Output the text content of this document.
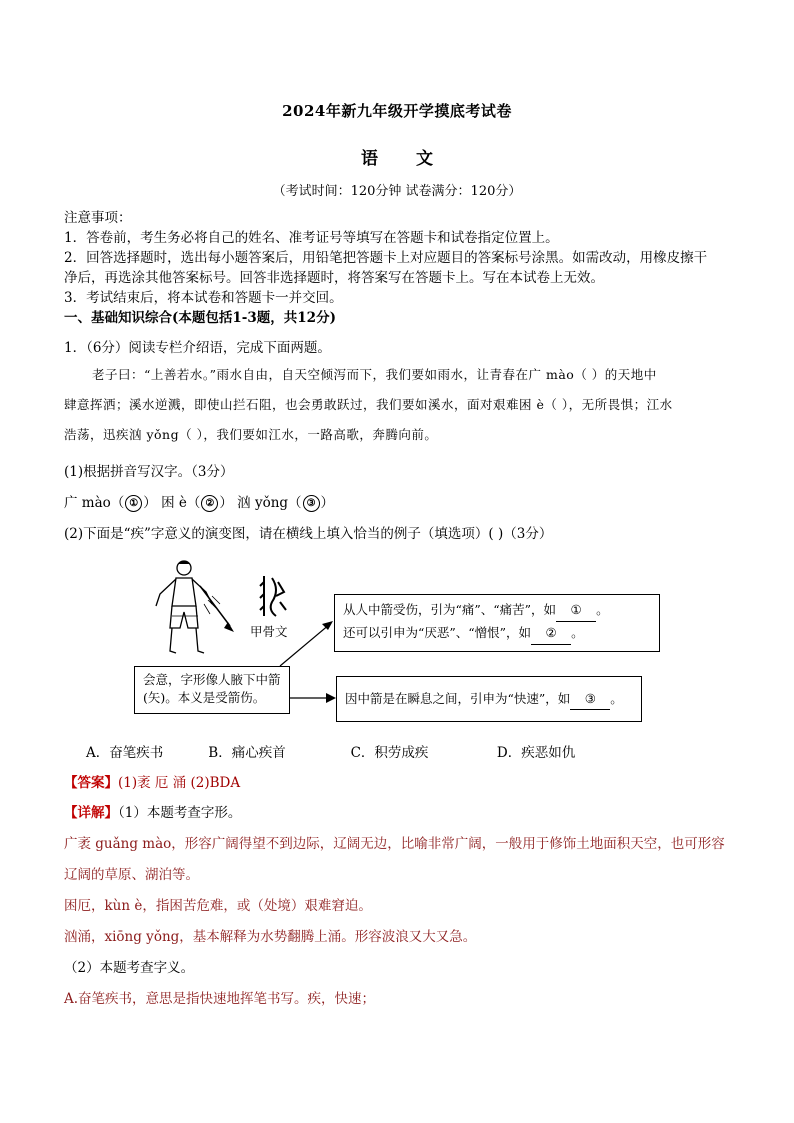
2024年新九年级开学摸底考试卷
语文
（考试时间：120分钟 试卷满分：120分）
注意事项：
1．答卷前，考生务必将自己的姓名、准考证号等填写在答题卡和试卷指定位置上。
2．回答选择题时，选出每小题答案后，用铅笔把答题卡上对应题目的答案标号涂黑。如需改动，用橡皮擦干
净后，再选涂其他答案标号。回答非选择题时，将答案写在答题卡上。写在本试卷上无效。
3．考试结束后，将本试卷和答题卡一并交回。
一、基础知识综合(本题包括1-3题，共12分)
1．（6分）阅读专栏介绍语，完成下面两题。
老子曰：“上善若水。”雨水自由，自天空倾泻而下，我们要如雨水，让青春在广 mào（ ）的天地中
肆意挥洒；溪水逆溅，即使山拦石阻，也会勇敢跃过，我们要如溪水，面对艰难困 è（ ），无所畏惧；江水
浩荡，迅疾汹 yǒng（ ），我们要如江水，一路高歌，奔腾向前。
(1)根据拼音写汉字。（3分）
广 mào（ ① ） 困 è（ ② ） 汹 yǒng（ ③ ）
(2)下面是“疾”字意义的演变图，请在横线上填入恰当的例子（填选项）( )（3分）
甲骨文
会意，字形像人腋下中箭
(矢)。本义是受箭伤。
从人中箭受伤，引为“痛”、“痛苦”，如 ① 。
还可以引申为“厌恶”、“憎恨”，如 ② 。
因中箭是在瞬息之间，引申为“快速”，如 ③ 。
A．奋笔疾书	B．痛心疾首	C．积劳成疾	D．疾恶如仇
【答案】(1)袤 厄 涌 (2)BDA
【详解】（1）本题考查字形。
广袤 guǎng mào，形容广阔得望不到边际，辽阔无边，比喻非常广阔，一般用于修饰土地面积天空，也可形容
辽阔的草原、湖泊等。
困厄，kùn è，指困苦危难，或（处境）艰难窘迫。
汹涌，xiōng yǒng，基本解释为水势翻腾上涌。形容波浪又大又急。
（2）本题考查字义。
A.奋笔疾书，意思是指快速地挥笔书写。疾，快速；
